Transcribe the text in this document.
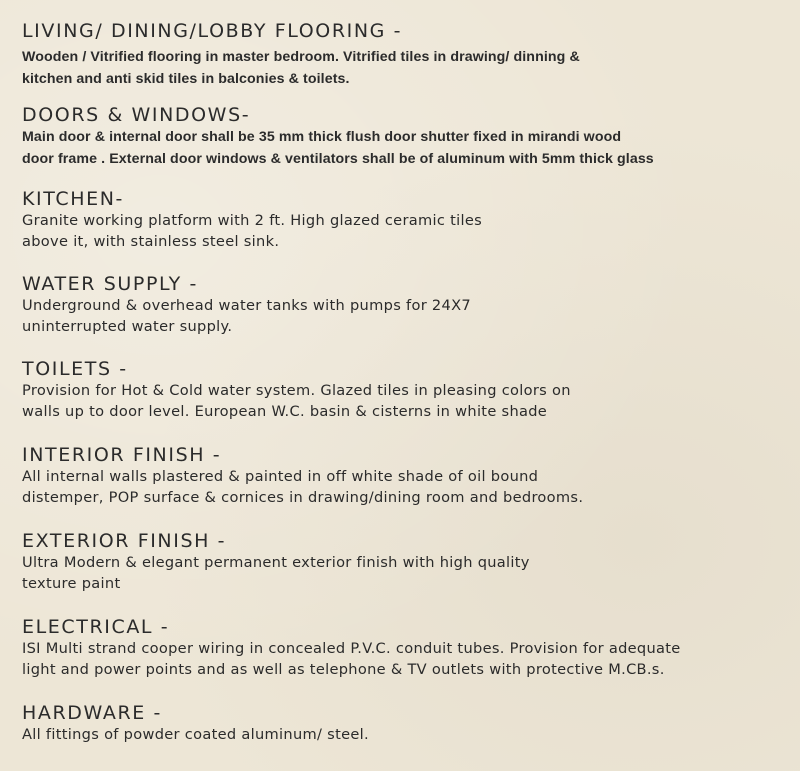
LIVING/ DINING/LOBBY FLOORING -
Wooden / Vitrified flooring in master bedroom. Vitrified tiles in drawing/ dinning &
kitchen and anti skid tiles in balconies & toilets.
DOORS & WINDOWS-
Main door & internal door shall be 35 mm thick flush door shutter fixed in mirandi wood
door frame . External door windows & ventilators shall be of aluminum with 5mm thick glass
KITCHEN-
Granite working platform with 2 ft. High glazed ceramic tiles
above it, with stainless steel sink.
WATER SUPPLY -
Underground & overhead water tanks with pumps for 24X7
uninterrupted water supply.
TOILETS -
Provision for Hot & Cold water system. Glazed tiles in pleasing colors on
walls up to door level. European W.C. basin & cisterns in white shade
INTERIOR FINISH -
All internal walls plastered & painted in off white shade of oil bound
distemper, POP surface & cornices in drawing/dining room and bedrooms.
EXTERIOR FINISH -
Ultra Modern & elegant permanent exterior finish with high quality
texture paint
ELECTRICAL -
ISI Multi strand cooper wiring in concealed P.V.C. conduit tubes. Provision for adequate
light and power points and as well as telephone & TV outlets with protective M.CB.s.
HARDWARE -
All fittings of powder coated aluminum/ steel.
